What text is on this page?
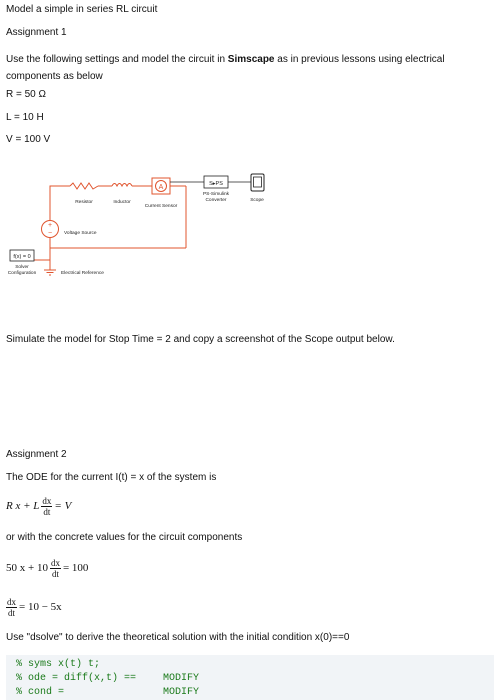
Model a simple in series RL circuit
Assignment 1
Use the following settings and model the circuit in Simscape as in previous lessons using electrical components as below
R = 50 Ω
L = 10 H
V = 100 V
A	S▸PS
+
−
f(x) = 0
Resistor	Inductor
Current Sensor
PS-Simulink
Converter	Scope
Voltage Source
Solver
Configuration	Electrical Reference
Simulate the model for Stop Time = 2 and copy a screenshot of the Scope output below.
Assignment 2
The ODE for the current I(t) = x of the system is
R x + L $\frac{dx}{dt} = V$
or with the concrete values for the circuit components
50 $x + 10 \frac{dx}{dt} = 100$
$\frac{dx}{dt} = 10 - 5x$
Use "dsolve" to derive the theoretical solution with the initial condition x(0)==0
% syms x(t) t;
% ode = diff(x,t) ==	MODIFY
% cond =	MODIFY
